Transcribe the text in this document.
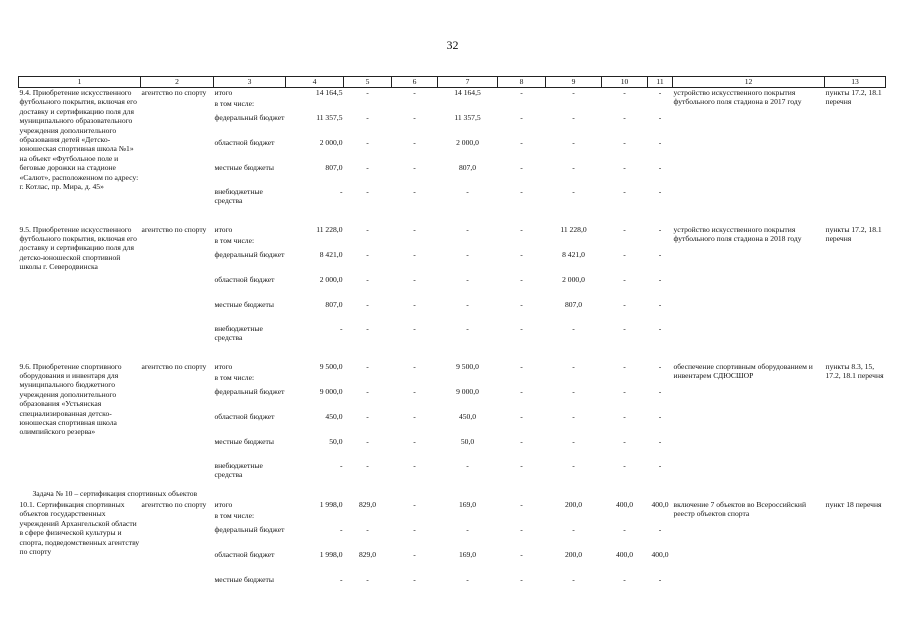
32
1	2	3	4	5	6	7	8	9	10	11	12	13
9.4. Приобретение искусственного футбольного покрытия, включая его доставку и сертификацию поля для муниципального образовательного учреждения дополнительного образования детей «Детско-юношеская спортивная школа №1» на объект «Футбольное поле и беговые дорожки на стадионе «Салют», расположенном по адресу: г. Котлас, пр. Мира, д. 45»	агентство по спорту	итого	14 164,5	-	-	14 164,5	-	-	-	-	устройство искусственного покрытия футбольного поля стадиона в 2017 году	пункты 17.2, 18.1 перечня
		в том числе:										
		федеральный бюджет	11 357,5	-	-	11 357,5	-	-	-	-		
		областной бюджет	2 000,0	-	-	2 000,0	-	-	-	-		
		местные бюджеты	807,0	-	-	807,0	-	-	-	-		
		внебюджетные средства	-	-	-	-	-	-	-	-		

9.5. Приобретение искусственного футбольного покрытия, включая его доставку и сертификацию поля для детско-юношеской спортивной школы г. Северодвинска	агентство по спорту	итого	11 228,0	-	-	-	-	11 228,0	-	-	устройство искусственного покрытия футбольного поля стадиона в 2018 году	пункты 17.2, 18.1 перечня
		в том числе:										
		федеральный бюджет	8 421,0	-	-	-	-	8 421,0	-	-		
		областной бюджет	2 000,0	-	-	-	-	2 000,0	-	-		
		местные бюджеты	807,0	-	-	-	-	807,0	-	-		
		внебюджетные средства	-	-	-	-	-	-	-	-		

9.6. Приобретение спортивного оборудования и инвентаря для муниципального бюджетного учреждения дополнительного образования «Устьянская специализированная детско-юношеская спортивная школа олимпийского резерва»	агентство по спорту	итого	9 500,0	-	-	9 500,0	-	-	-	-	обеспечение спортивным оборудованием и инвентарем СДЮСШОР	пункты 8.3, 15, 17.2, 18.1 перечня
		в том числе:										
		федеральный бюджет	9 000,0	-	-	9 000,0	-	-	-	-		
		областной бюджет	450,0	-	-	450,0	-	-	-	-		
		местные бюджеты	50,0	-	-	50,0	-	-	-	-		
		внебюджетные средства	-	-	-	-	-	-	-	-		
Задача № 10 – сертификация спортивных объектов												
10.1. Сертификация спортивных объектов государственных учреждений Архангельской области в сфере физической культуры и спорта, подведомственных агентству по спорту	агентство по спорту	итого	1 998,0	829,0	-	169,0	-	200,0	400,0	400,0	включение 7 объектов во Всероссийский реестр объектов спорта	пункт 18 перечня
		в том числе:										
		федеральный бюджет	-	-	-	-	-	-	-	-		
		областной бюджет	1 998,0	829,0	-	169,0	-	200,0	400,0	400,0		
		местные бюджеты	-	-	-	-	-	-	-	-		
